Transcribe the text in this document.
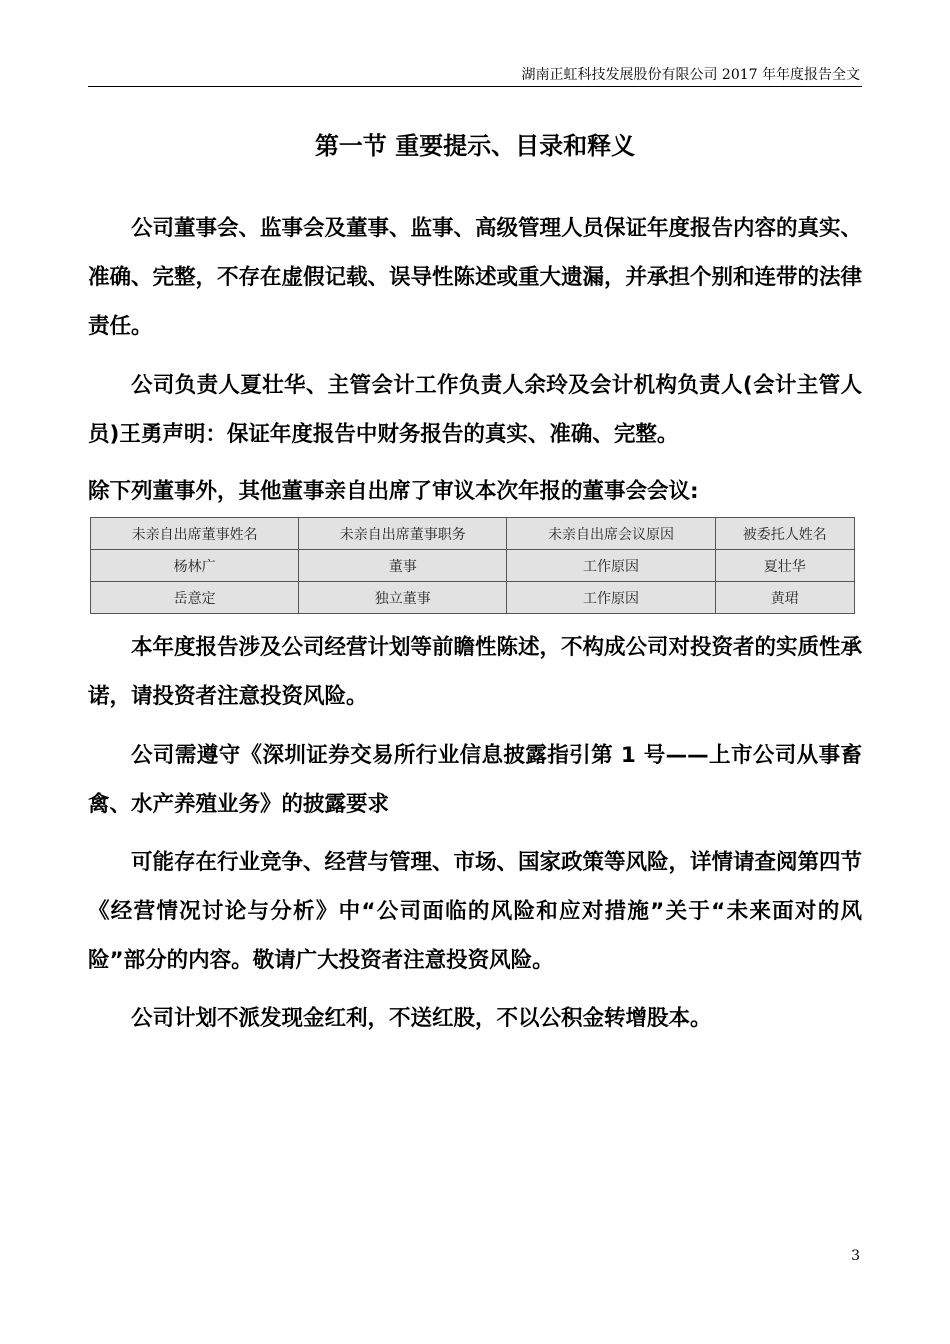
湖南正虹科技发展股份有限公司 2017 年年度报告全文
第一节 重要提示、目录和释义

公司董事会、监事会及董事、监事、高级管理人员保证年度报告内容的真实、准确、完整，不存在虚假记载、误导性陈述或重大遗漏，并承担个别和连带的法律责任。

公司负责人夏壮华、主管会计工作负责人余玲及会计机构负责人(会计主管人员)王勇声明：保证年度报告中财务报告的真实、准确、完整。

除下列董事外，其他董事亲自出席了审议本次年报的董事会会议:

未亲自出席董事姓名	未亲自出席董事职务	未亲自出席会议原因	被委托人姓名
杨林广	董事	工作原因	夏壮华
岳意定	独立董事	工作原因	黄珺

本年度报告涉及公司经营计划等前瞻性陈述，不构成公司对投资者的实质性承诺，请投资者注意投资风险。

公司需遵守《深圳证券交易所行业信息披露指引第 1 号——上市公司从事畜禽、水产养殖业务》的披露要求

可能存在行业竞争、经营与管理、市场、国家政策等风险，详情请查阅第四节《经营情况讨论与分析》中“公司面临的风险和应对措施”关于“未来面对的风险”部分的内容。敬请广大投资者注意投资风险。

公司计划不派发现金红利，不送红股，不以公积金转增股本。

3
